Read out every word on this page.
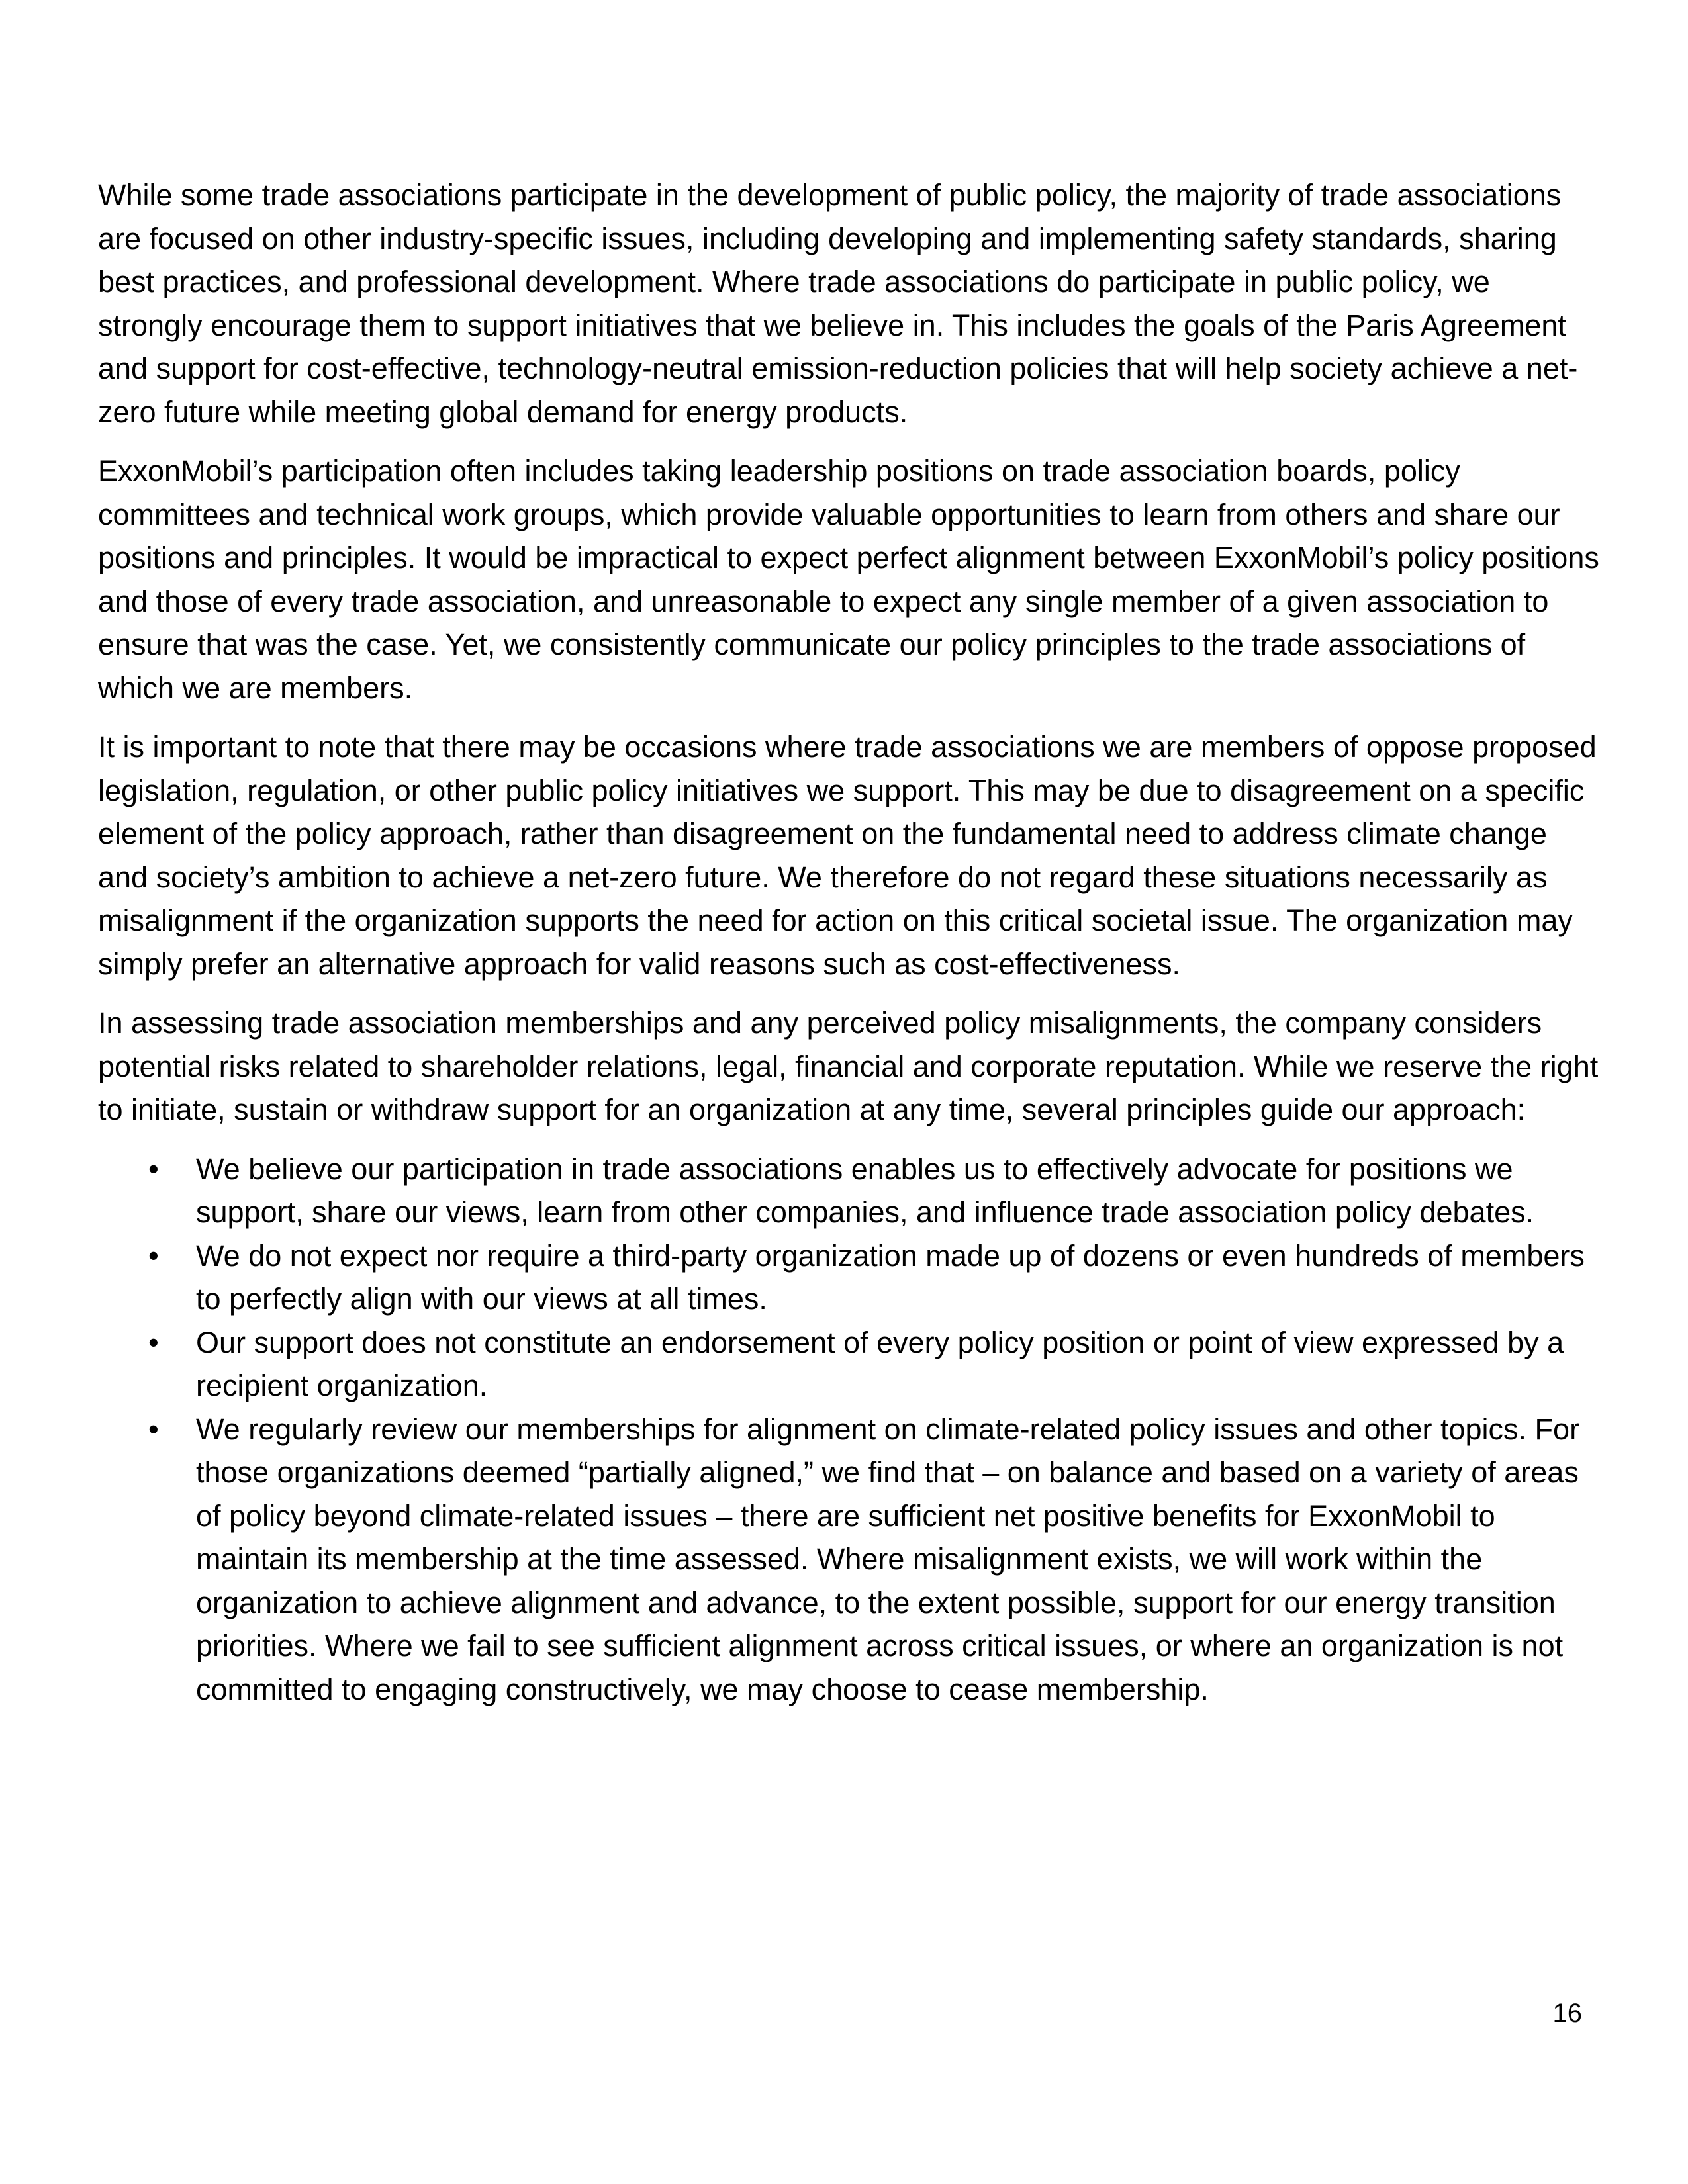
While some trade associations participate in the development of public policy, the majority of trade associations are focused on other industry-specific issues, including developing and implementing safety standards, sharing best practices, and professional development. Where trade associations do participate in public policy, we strongly encourage them to support initiatives that we believe in. This includes the goals of the Paris Agreement and support for cost-effective, technology-neutral emission-reduction policies that will help society achieve a net-zero future while meeting global demand for energy products.

ExxonMobil’s participation often includes taking leadership positions on trade association boards, policy committees and technical work groups, which provide valuable opportunities to learn from others and share our positions and principles. It would be impractical to expect perfect alignment between ExxonMobil’s policy positions and those of every trade association, and unreasonable to expect any single member of a given association to ensure that was the case. Yet, we consistently communicate our policy principles to the trade associations of which we are members.

It is important to note that there may be occasions where trade associations we are members of oppose proposed legislation, regulation, or other public policy initiatives we support. This may be due to disagreement on a specific element of the policy approach, rather than disagreement on the fundamental need to address climate change and society’s ambition to achieve a net-zero future. We therefore do not regard these situations necessarily as misalignment if the organization supports the need for action on this critical societal issue. The organization may simply prefer an alternative approach for valid reasons such as cost-effectiveness.

In assessing trade association memberships and any perceived policy misalignments, the company considers potential risks related to shareholder relations, legal, financial and corporate reputation. While we reserve the right to initiate, sustain or withdraw support for an organization at any time, several principles guide our approach:

• We believe our participation in trade associations enables us to effectively advocate for positions we support, share our views, learn from other companies, and influence trade association policy debates.
• We do not expect nor require a third-party organization made up of dozens or even hundreds of members to perfectly align with our views at all times.
• Our support does not constitute an endorsement of every policy position or point of view expressed by a recipient organization.
• We regularly review our memberships for alignment on climate-related policy issues and other topics. For those organizations deemed “partially aligned,” we find that – on balance and based on a variety of areas of policy beyond climate-related issues – there are sufficient net positive benefits for ExxonMobil to maintain its membership at the time assessed. Where misalignment exists, we will work within the organization to achieve alignment and advance, to the extent possible, support for our energy transition priorities. Where we fail to see sufficient alignment across critical issues, or where an organization is not committed to engaging constructively, we may choose to cease membership.
16
